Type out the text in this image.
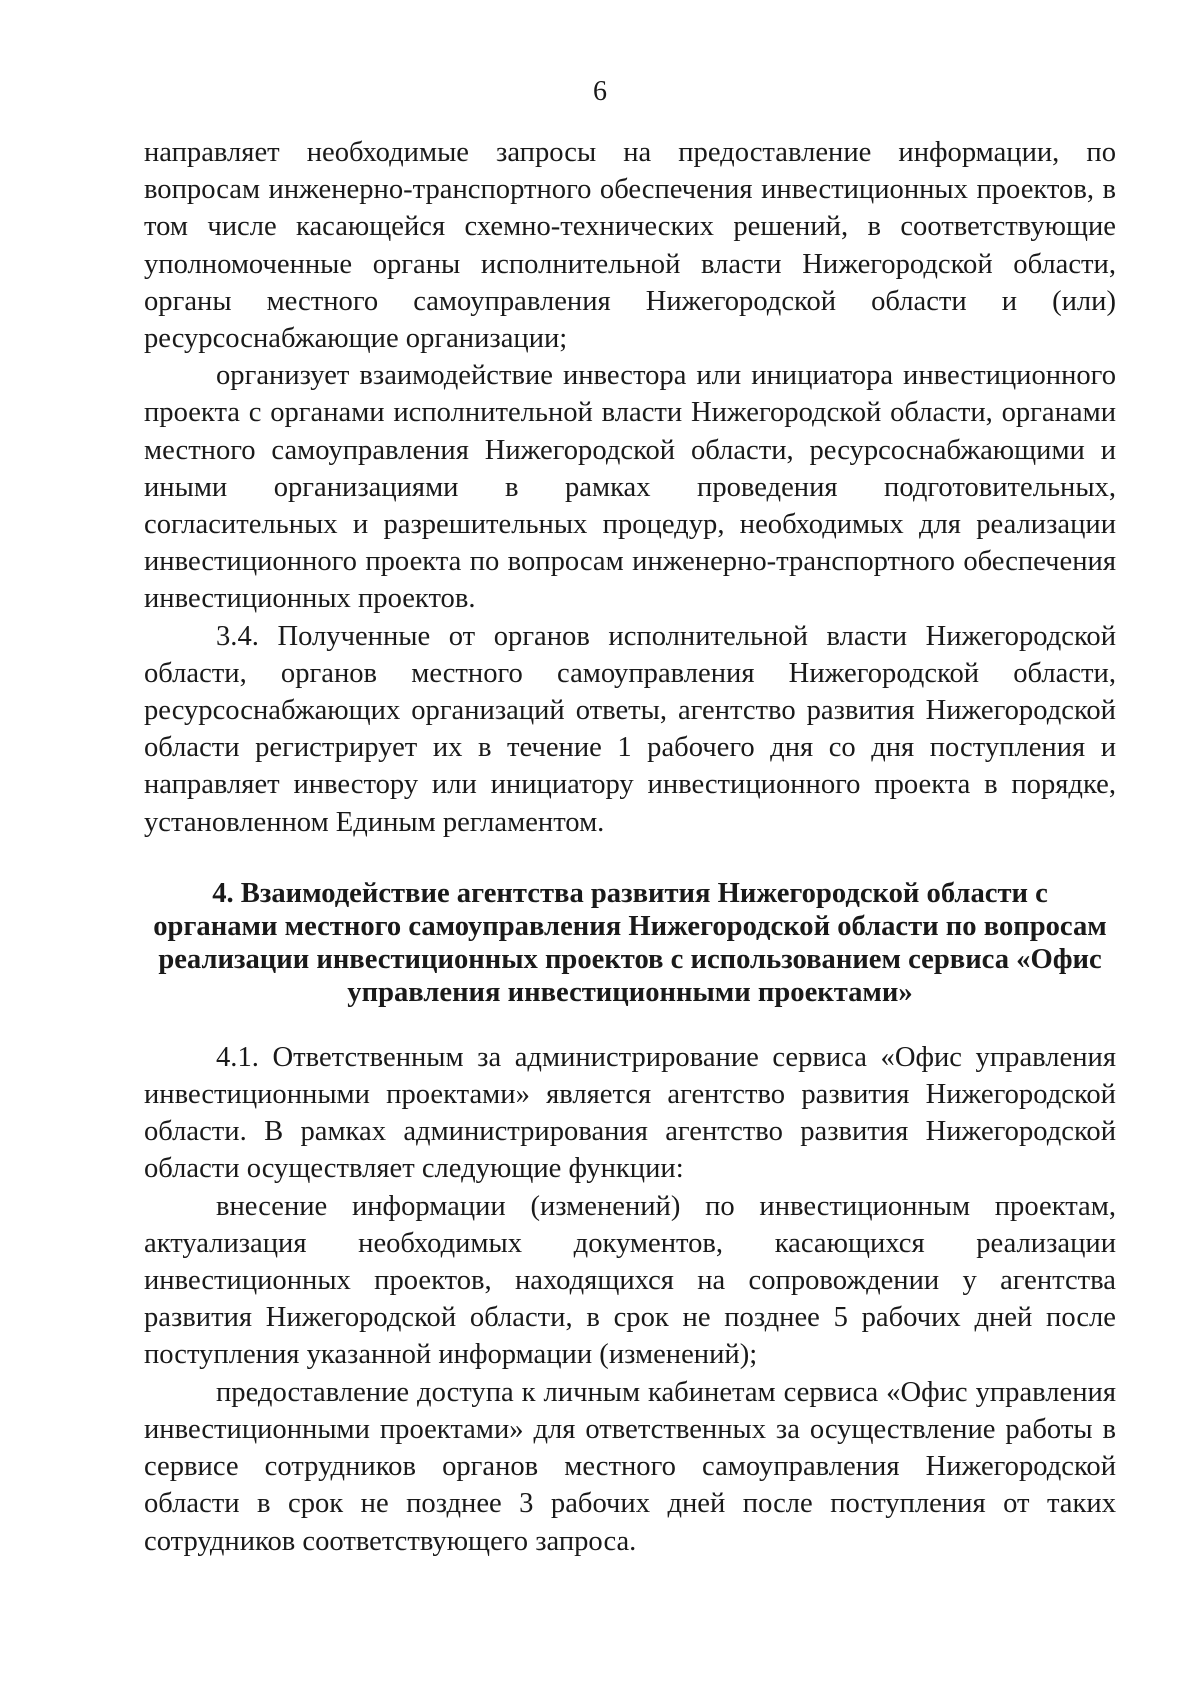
6

направляет необходимые запросы на предоставление информации, по вопросам инженерно-транспортного обеспечения инвестиционных проектов, в том числе касающейся схемно-технических решений, в соответствующие уполномоченные органы исполнительной власти Нижегородской области, органы местного самоуправления Нижегородской области и (или) ресурсоснабжающие организации;

организует взаимодействие инвестора или инициатора инвестиционного проекта с органами исполнительной власти Нижегородской области, органами местного самоуправления Нижегородской области, ресурсоснабжающими и иными организациями в рамках проведения подготовительных, согласительных и разрешительных процедур, необходимых для реализации инвестиционного проекта по вопросам инженерно-транспортного обеспечения инвестиционных проектов.

3.4. Полученные от органов исполнительной власти Нижегородской области, органов местного самоуправления Нижегородской области, ресурсоснабжающих организаций ответы, агентство развития Нижегородской области регистрирует их в течение 1 рабочего дня со дня поступления и направляет инвестору или инициатору инвестиционного проекта в порядке, установленном Единым регламентом.

4. Взаимодействие агентства развития Нижегородской области с органами местного самоуправления Нижегородской области по вопросам реализации инвестиционных проектов с использованием сервиса «Офис управления инвестиционными проектами»

4.1. Ответственным за администрирование сервиса «Офис управления инвестиционными проектами» является агентство развития Нижегородской области. В рамках администрирования агентство развития Нижегородской области осуществляет следующие функции:

внесение информации (изменений) по инвестиционным проектам, актуализация необходимых документов, касающихся реализации инвестиционных проектов, находящихся на сопровождении у агентства развития Нижегородской области, в срок не позднее 5 рабочих дней после поступления указанной информации (изменений);

предоставление доступа к личным кабинетам сервиса «Офис управления инвестиционными проектами» для ответственных за осуществление работы в сервисе сотрудников органов местного самоуправления Нижегородской области в срок не позднее 3 рабочих дней после поступления от таких сотрудников соответствующего запроса.
